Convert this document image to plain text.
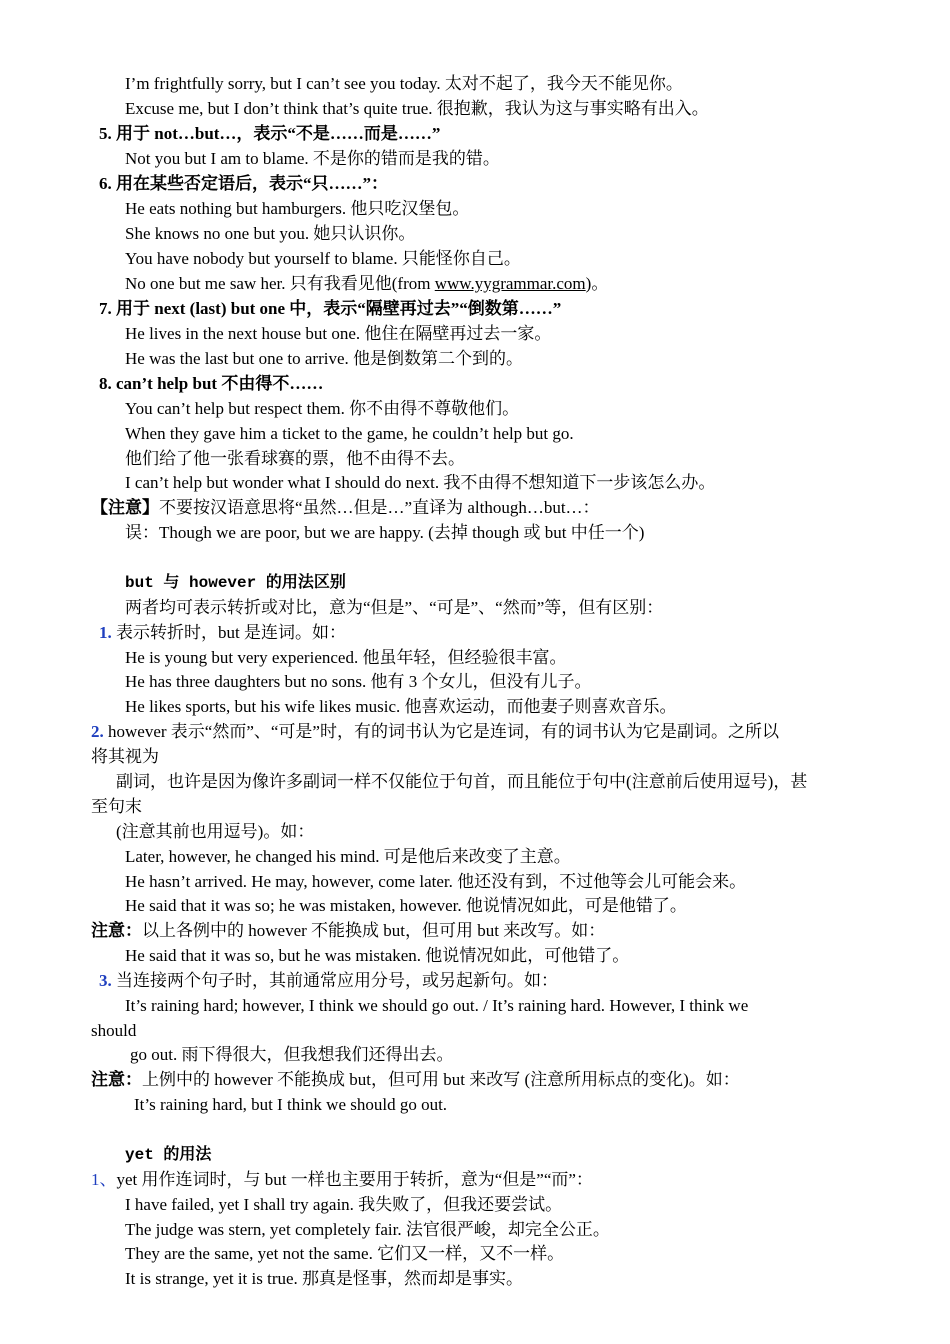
I’m frightfully sorry, but I can’t see you today. 太对不起了，我今天不能见你。
Excuse me, but I don’t think that’s quite true. 很抱歉，我认为这与事实略有出入。
5. 用于 not…but…，表示“不是……而是……”
Not you but I am to blame. 不是你的错而是我的错。
6. 用在某些否定语后，表示“只……”：
He eats nothing but hamburgers. 他只吃汉堡包。
She knows no one but you. 她只认识你。
You have nobody but yourself to blame. 只能怪你自己。
No one but me saw her. 只有我看见他(from www.yygrammar.com)。
7. 用于 next (last) but one 中，表示“隔壁再过去”“倒数第……”
He lives in the next house but one. 他住在隔壁再过去一家。
He was the last but one to arrive. 他是倒数第二个到的。
8. can’t help but 不由得不……
You can’t help but respect them. 你不由得不尊敬他们。
When they gave him a ticket to the game, he couldn’t help but go.
他们给了他一张看球赛的票，他不由得不去。
I can’t help but wonder what I should do next. 我不由得不想知道下一步该怎么办。
【注意】不要按汉语意思将“虽然…但是…”直译为 although…but…：
误：Though we are poor, but we are happy. (去掉 though 或 but 中任一个)
but 与 however 的用法区别
两者均可表示转折或对比，意为“但是”、“可是”、“然而”等，但有区别：
1. 表示转折时，but 是连词。如：
He is young but very experienced. 他虽年轻，但经验很丰富。
He has three daughters but no sons. 他有 3 个女儿，但没有儿子。
He likes sports, but his wife likes music. 他喜欢运动，而他妻子则喜欢音乐。
2. however 表示“然而”、“可是”时，有的词书认为它是连词，有的词书认为它是副词。之所以
将其视为
副词，也许是因为像许多副词一样不仅能位于句首，而且能位于句中(注意前后使用逗号)，甚
至句末
(注意其前也用逗号)。如：
Later, however, he changed his mind. 可是他后来改变了主意。
He hasn’t arrived. He may, however, come later. 他还没有到，不过他等会儿可能会来。
He said that it was so; he was mistaken, however. 他说情况如此，可是他错了。
注意：以上各例中的 however 不能换成 but，但可用 but 来改写。如：
He said that it was so, but he was mistaken. 他说情况如此，可他错了。
3. 当连接两个句子时，其前通常应用分号，或另起新句。如：
It’s raining hard; however, I think we should go out. / It’s raining hard. However, I think we
should
go out. 雨下得很大，但我想我们还得出去。
注意：上例中的 however 不能换成 but，但可用 but 来改写 (注意所用标点的变化)。如：
It’s raining hard, but I think we should go out.
yet 的用法
1、yet 用作连词时，与 but 一样也主要用于转折，意为“但是”“而”：
I have failed, yet I shall try again. 我失败了，但我还要尝试。
The judge was stern, yet completely fair. 法官很严峻，却完全公正。
They are the same, yet not the same. 它们又一样，又不一样。
It is strange, yet it is true. 那真是怪事，然而却是事实。
